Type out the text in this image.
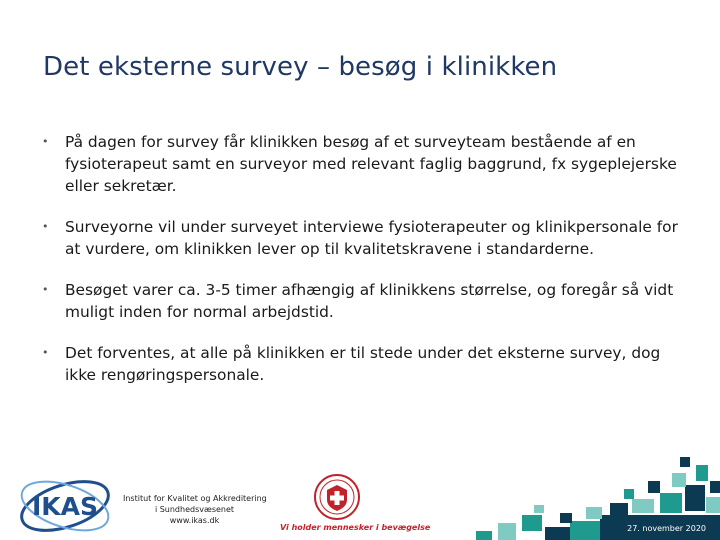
Det eksterne survey – besøg i klinikken
• På dagen for survey får klinikken besøg af et surveyteam bestående af en fysioterapeut samt en surveyor med relevant faglig baggrund, fx sygeplejerske eller sekretær.
• Surveyorne vil under surveyet interviewe fysioterapeuter og klinikpersonale for at vurdere, om klinikken lever op til kvalitetskravene i standarderne.
• Besøget varer ca. 3-5 timer afhængig af klinikkens størrelse, og foregår så vidt muligt inden for normal arbejdstid.
• Det forventes, at alle på klinikken er til stede under det eksterne survey, dog ikke rengøringspersonale.
IKAS	Institut for Kvalitet og Akkreditering
i Sundhedsvæsenet
www.ikas.dk
Vi holder mennesker i bevægelse	27. november 2020
